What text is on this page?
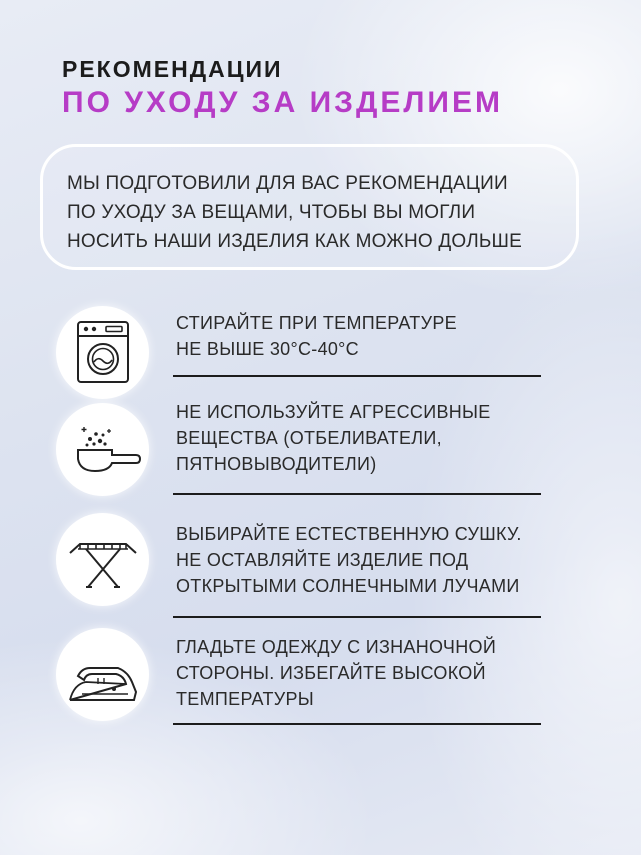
РЕКОМЕНДАЦИИ
ПО УХОДУ ЗА ИЗДЕЛИЕМ

МЫ ПОДГОТОВИЛИ ДЛЯ ВАС РЕКОМЕНДАЦИИ
ПО УХОДУ ЗА ВЕЩАМИ, ЧТОБЫ ВЫ МОГЛИ
НОСИТЬ НАШИ ИЗДЕЛИЯ КАК МОЖНО ДОЛЬШЕ

СТИРАЙТЕ ПРИ ТЕМПЕРАТУРЕ
НЕ ВЫШЕ 30°С-40°С

НЕ ИСПОЛЬЗУЙТЕ АГРЕССИВНЫЕ
ВЕЩЕСТВА (ОТБЕЛИВАТЕЛИ,
ПЯТНОВЫВОДИТЕЛИ)

ВЫБИРАЙТЕ ЕСТЕСТВЕННУЮ СУШКУ.
НЕ ОСТАВЛЯЙТЕ ИЗДЕЛИЕ ПОД
ОТКРЫТЫМИ СОЛНЕЧНЫМИ ЛУЧАМИ

ГЛАДЬТЕ ОДЕЖДУ С ИЗНАНОЧНОЙ
СТОРОНЫ. ИЗБЕГАЙТЕ ВЫСОКОЙ
ТЕМПЕРАТУРЫ
